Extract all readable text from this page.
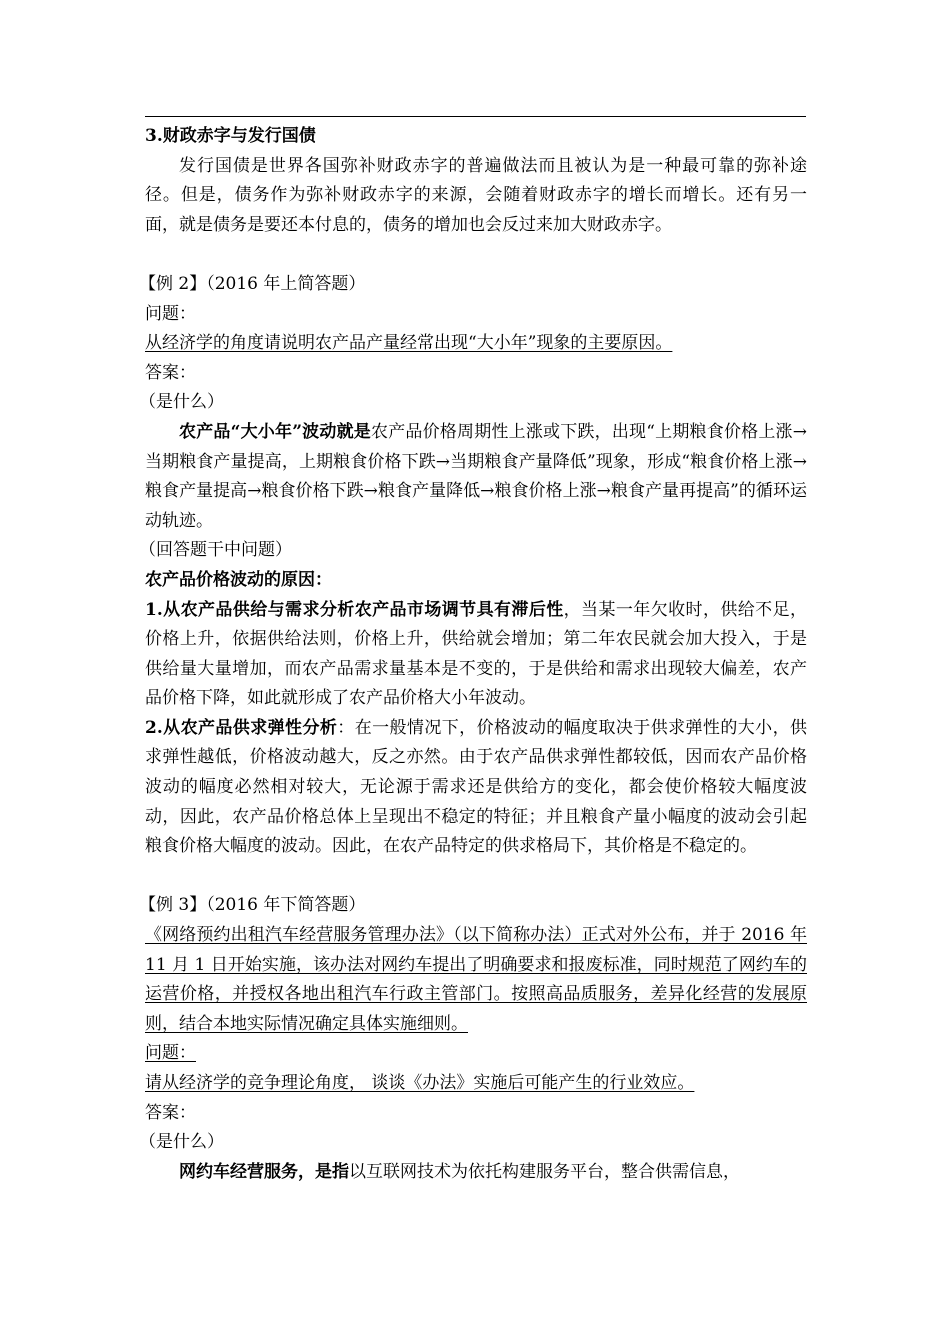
3.财政赤字与发行国债

发行国债是世界各国弥补财政赤字的普遍做法而且被认为是一种最可靠的弥补途径。但是，债务作为弥补财政赤字的来源，会随着财政赤字的增长而增长。还有另一面，就是债务是要还本付息的，债务的增加也会反过来加大财政赤字。

【例 2】（2016 年上简答题）

问题：

从经济学的角度请说明农产品产量经常出现“大小年”现象的主要原因。

答案：

（是什么）

农产品“大小年”波动就是农产品价格周期性上涨或下跌，出现“上期粮食价格上涨→当期粮食产量提高，上期粮食价格下跌→当期粮食产量降低”现象，形成“粮食价格上涨→粮食产量提高→粮食价格下跌→粮食产量降低→粮食价格上涨→粮食产量再提高”的循环运动轨迹。

（回答题干中问题）

农产品价格波动的原因：

1.从农产品供给与需求分析农产品市场调节具有滞后性，当某一年欠收时，供给不足，价格上升，依据供给法则，价格上升，供给就会增加；第二年农民就会加大投入，于是供给量大量增加，而农产品需求量基本是不变的，于是供给和需求出现较大偏差，农产品价格下降，如此就形成了农产品价格大小年波动。

2.从农产品供求弹性分析：在一般情况下，价格波动的幅度取决于供求弹性的大小，供求弹性越低，价格波动越大，反之亦然。由于农产品供求弹性都较低，因而农产品价格波动的幅度必然相对较大，无论源于需求还是供给方的变化，都会使价格较大幅度波动，因此，农产品价格总体上呈现出不稳定的特征；并且粮食产量小幅度的波动会引起粮食价格大幅度的波动。因此，在农产品特定的供求格局下，其价格是不稳定的。

【例 3】（2016 年下简答题）

《网络预约出租汽车经营服务管理办法》（以下简称办法）正式对外公布，并于 2016 年 11 月 1 日开始实施，该办法对网约车提出了明确要求和报废标准，同时规范了网约车的运营价格，并授权各地出租汽车行政主管部门。按照高品质服务，差异化经营的发展原则，结合本地实际情况确定具体实施细则。

问题：

请从经济学的竞争理论角度， 谈谈《办法》实施后可能产生的行业效应。

答案：

（是什么）

网约车经营服务，是指以互联网技术为依托构建服务平台，整合供需信息，
